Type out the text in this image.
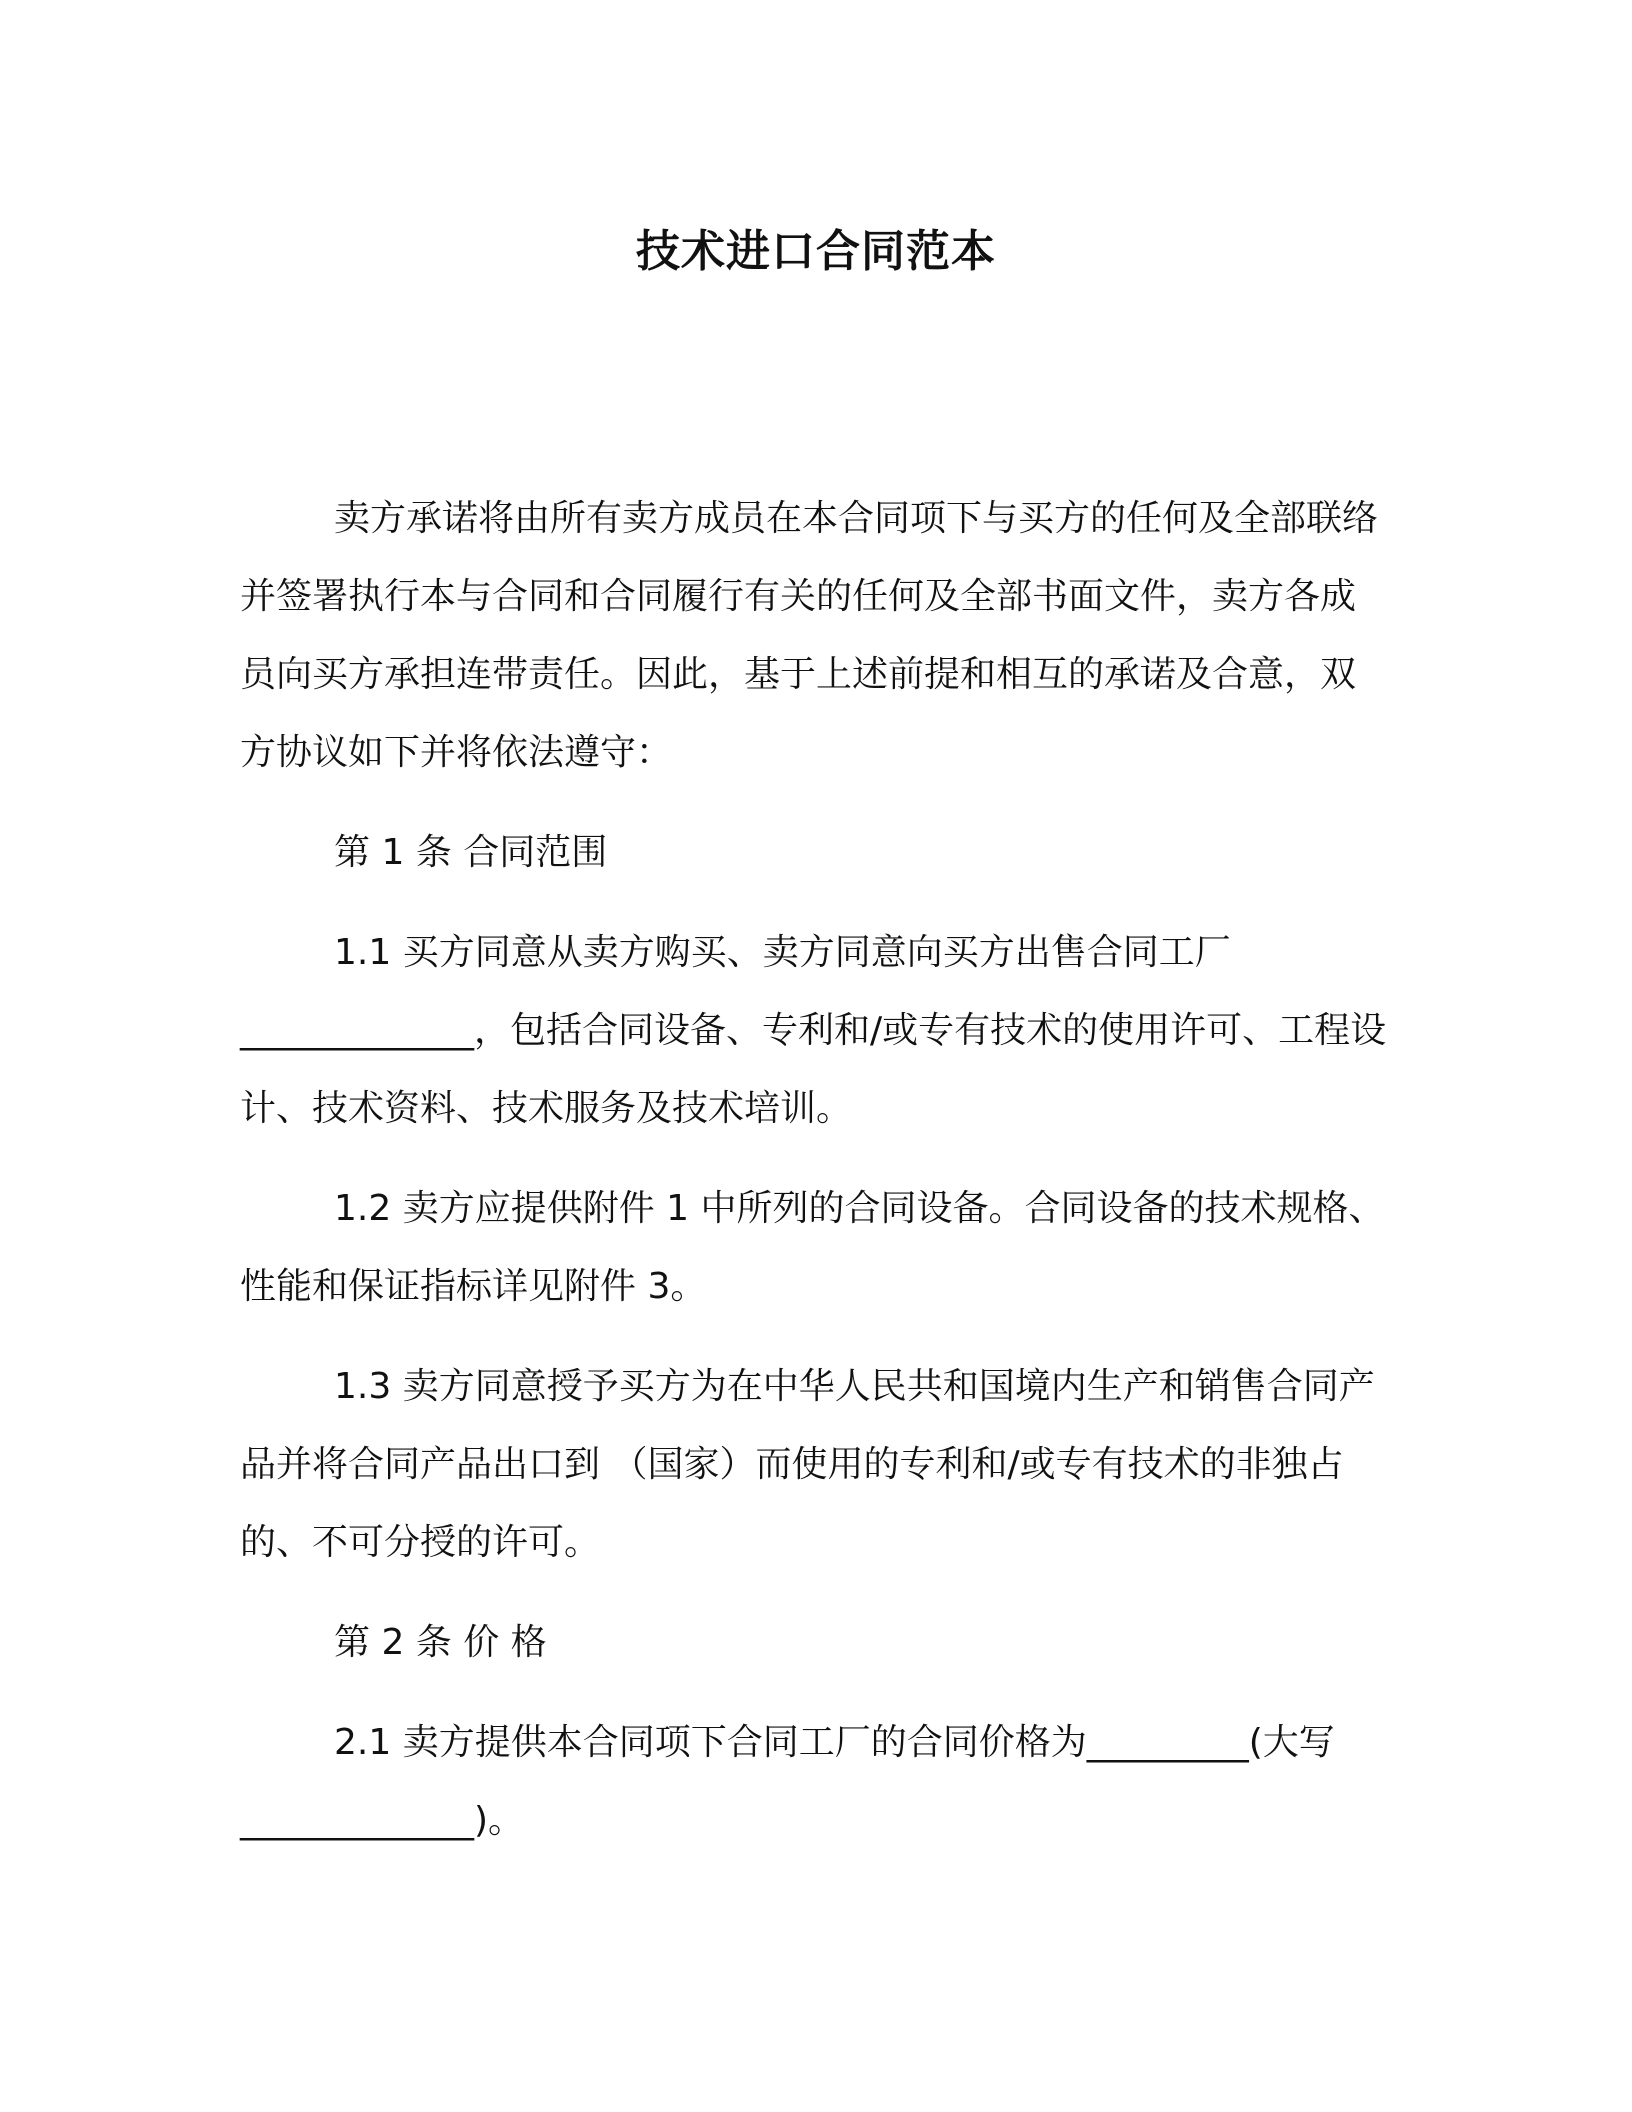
技术进口合同范本

卖方承诺将由所有卖方成员在本合同项下与买方的任何及全部联络并签署执行本与合同和合同履行有关的任何及全部书面文件，卖方各成员向买方承担连带责任。因此，基于上述前提和相互的承诺及合意，双方协议如下并将依法遵守：

第 1 条 合同范围

1.1 买方同意从卖方购买、卖方同意向买方出售合同工厂_____________，包括合同设备、专利和/或专有技术的使用许可、工程设计、技术资料、技术服务及技术培训。

1.2 卖方应提供附件 1 中所列的合同设备。合同设备的技术规格、性能和保证指标详见附件 3。

1.3 卖方同意授予买方为在中华人民共和国境内生产和销售合同产品并将合同产品出口到 （国家）而使用的专利和/或专有技术的非独占的、不可分授的许可。

第 2 条 价 格

2.1 卖方提供本合同项下合同工厂的合同价格为_________(大写_____________)。
